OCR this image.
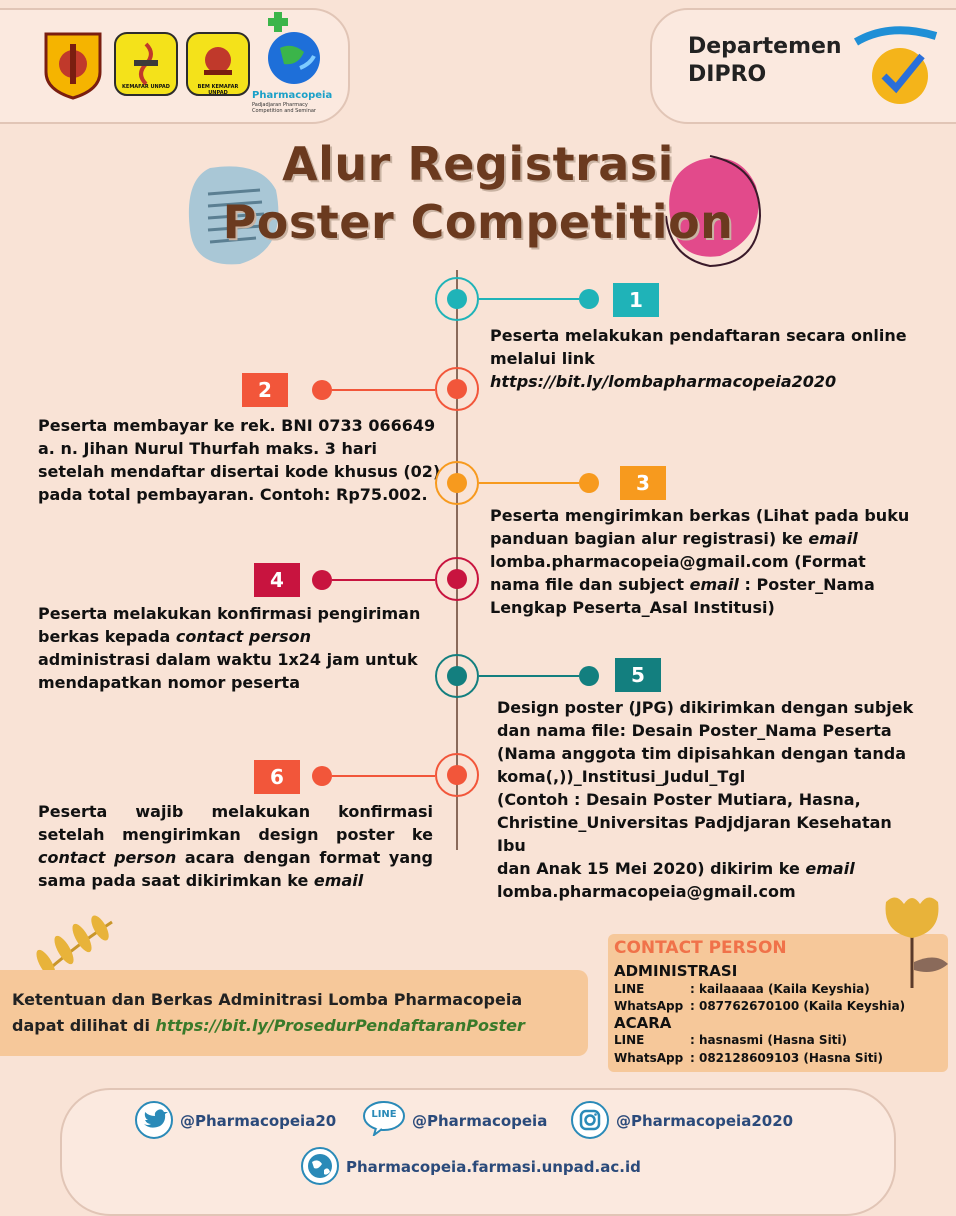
KEMAFAR UNPAD	BEM KEMAFAR UNPAD	Pharmacopeia
Padjadjaran Pharmacy Competition and Seminar
Departemen
DIPRO
Alur Registrasi
Poster Competition
1
Peserta melakukan pendaftaran secara online melalui link
https://bit.ly/lombapharmacopeia2020
2
Peserta membayar ke rek. BNI 0733 066649
a. n. Jihan Nurul Thurfah maks. 3 hari
setelah mendaftar disertai kode khusus (02)
pada total pembayaran. Contoh: Rp75.002.	3
Peserta mengirimkan berkas (Lihat pada buku panduan bagian alur registrasi) ke email lomba.pharmacopeia@gmail.com (Format nama file dan subject email : Poster_Nama Lengkap Peserta_Asal Institusi)
4
Peserta melakukan konfirmasi pengiriman berkas kepada contact person administrasi dalam waktu 1x24 jam untuk mendapatkan nomor peserta	5
Design poster (JPG) dikirimkan dengan subjek
dan nama file: Desain Poster_Nama Peserta
(Nama anggota tim dipisahkan dengan tanda
koma(,))_Institusi_Judul_Tgl
(Contoh : Desain Poster Mutiara, Hasna,
Christine_Universitas Padjdjaran Kesehatan Ibu
dan Anak 15 Mei 2020) dikirim ke email
lomba.pharmacopeia@gmail.com
6
Peserta wajib melakukan konfirmasi setelah mengirimkan design poster ke contact person acara dengan format yang sama pada saat dikirimkan ke email
Ketentuan dan Berkas Adminitrasi Lomba Pharmacopeia
dapat dilihat di https://bit.ly/ProsedurPendaftaranPoster
CONTACT PERSON
ADMINISTRASI
LINE	: kailaaaaa (Kaila Keyshia)
WhatsApp : 087762670100 (Kaila Keyshia)
ACARA
LINE	: hasnasmi (Hasna Siti)
WhatsApp : 082128609103 (Hasna Siti)
@Pharmacopeia20	LINE @Pharmacopeia	@Pharmacopeia2020
Pharmacopeia.farmasi.unpad.ac.id
